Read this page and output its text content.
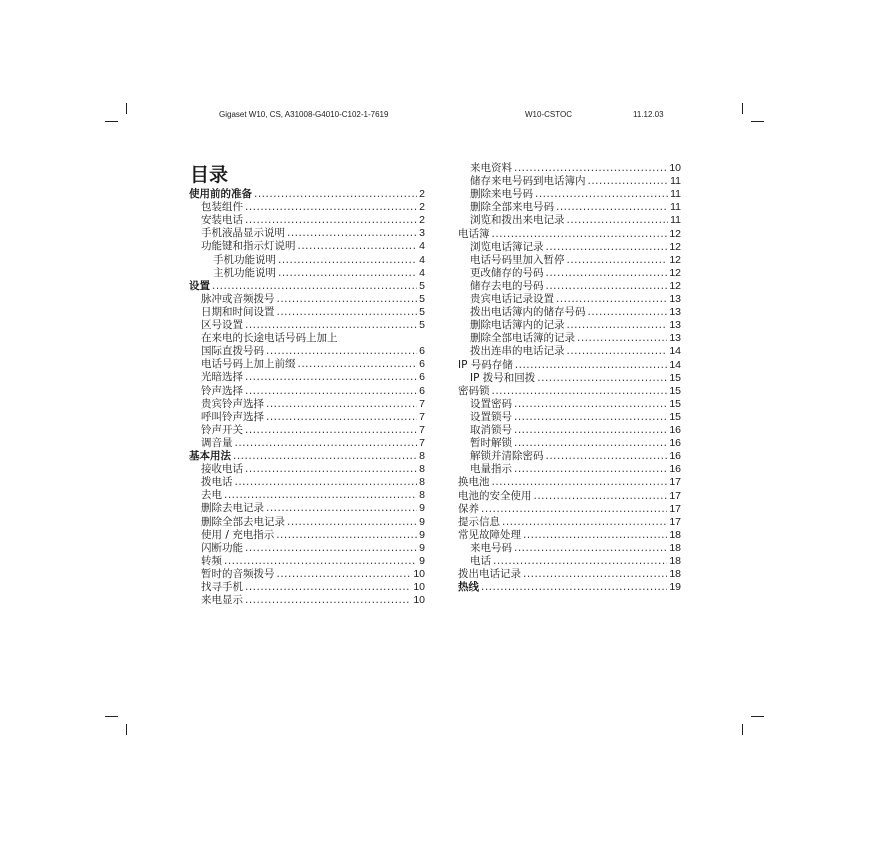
Gigaset W10, CS, A31008-G4010-C102-1-7619	W10-CSTOC	11.12.03
目录
使用前的准备 .....	2
包装组件 .....	2
安装电话 .....	2
手机液晶显示说明 .....	3
功能键和指示灯说明 .....	4
手机功能说明 .....	4
主机功能说明 .....	4
设置 .....	5
脉冲或音频拨号 .....	5
日期和时间设置 .....	5
区号设置 .....	5
在来电的长途电话号码上加上
国际直拨号码 .....	6
电话号码上加上前缀 .....	6
光暗选择 .....	6
铃声选择 .....	6
贵宾铃声选择 .....	7
呼叫铃声选择 .....	7
铃声开关 .....	7
调音量 .....	7
基本用法 .....	8
接收电话 .....	8
拨电话 .....	8
去电 .....	8
删除去电记录 .....	9
删除全部去电记录 .....	9
使用 / 充电指示 .....	9
闪断功能 .....	9
转频 .....	9
暂时的音频拨号 .....	10
找寻手机 .....	10
来电显示 .....	10
来电资料 .....	10
储存来电号码到电话簿内 .....	11
删除来电号码 .....	11
删除全部来电号码 .....	11
浏览和拨出来电记录 .....	11
电话簿 .....	12
浏览电话簿记录 .....	12
电话号码里加入暂停 .....	12
更改储存的号码 .....	12
储存去电的号码 .....	12
贵宾电话记录设置 .....	13
拨出电话簿内的储存号码 .....	13
删除电话簿内的记录 .....	13
删除全部电话簿的记录 .....	13
拨出连串的电话记录 .....	14
IP 号码存储 .....	14
IP 拨号和回拨 .....	15
密码锁 .....	15
设置密码 .....	15
设置锁号 .....	15
取消锁号 .....	16
暂时解锁 .....	16
解锁并清除密码 .....	16
电量指示 .....	16
换电池 .....	17
电池的安全使用 .....	17
保养 .....	17
提示信息 .....	17
常见故障处理 .....	18
来电号码 .....	18
电话 .....	18
拨出电话记录 .....	18
热线 .....	19
